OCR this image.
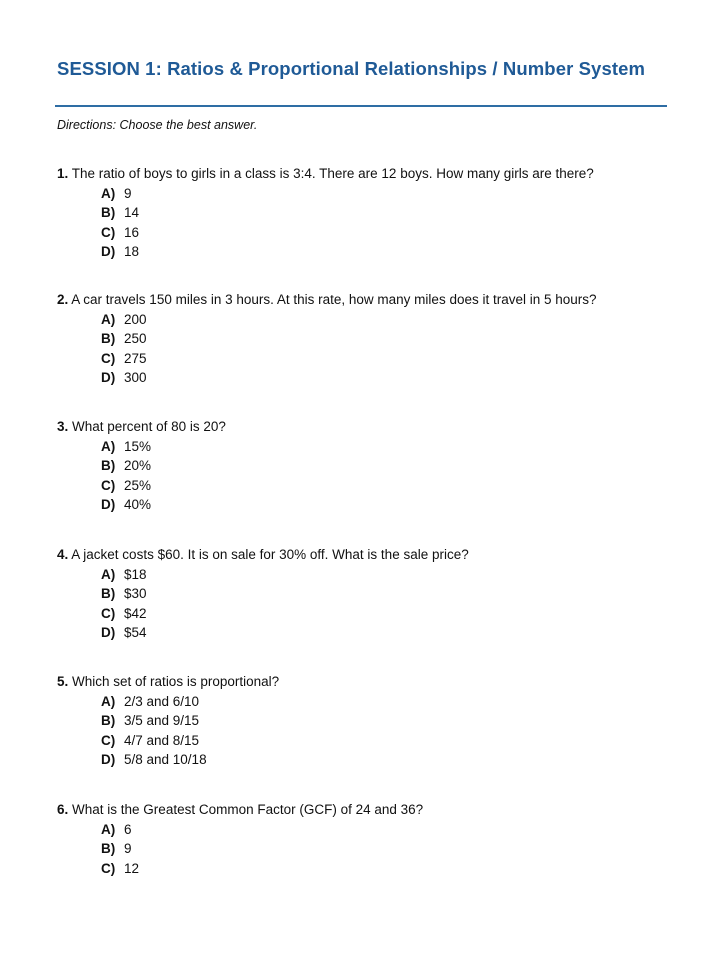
SESSION 1: Ratios & Proportional Relationships / Number System
Directions: Choose the best answer.

1. The ratio of boys to girls in a class is 3:4. There are 12 boys. How many girls are there?

A) 9
B) 14
C) 16
D) 18

2. A car travels 150 miles in 3 hours. At this rate, how many miles does it travel in 5 hours?

A) 200
B) 250
C) 275
D) 300

3. What percent of 80 is 20?

A) 15%
B) 20%
C) 25%
D) 40%

4. A jacket costs $60. It is on sale for 30% off. What is the sale price?

A) $18
B) $30
C) $42
D) $54

5. Which set of ratios is proportional?

A) 2/3 and 6/10
B) 3/5 and 9/15
C) 4/7 and 8/15
D) 5/8 and 10/18

6. What is the Greatest Common Factor (GCF) of 24 and 36?

A) 6
B) 9
C) 12
